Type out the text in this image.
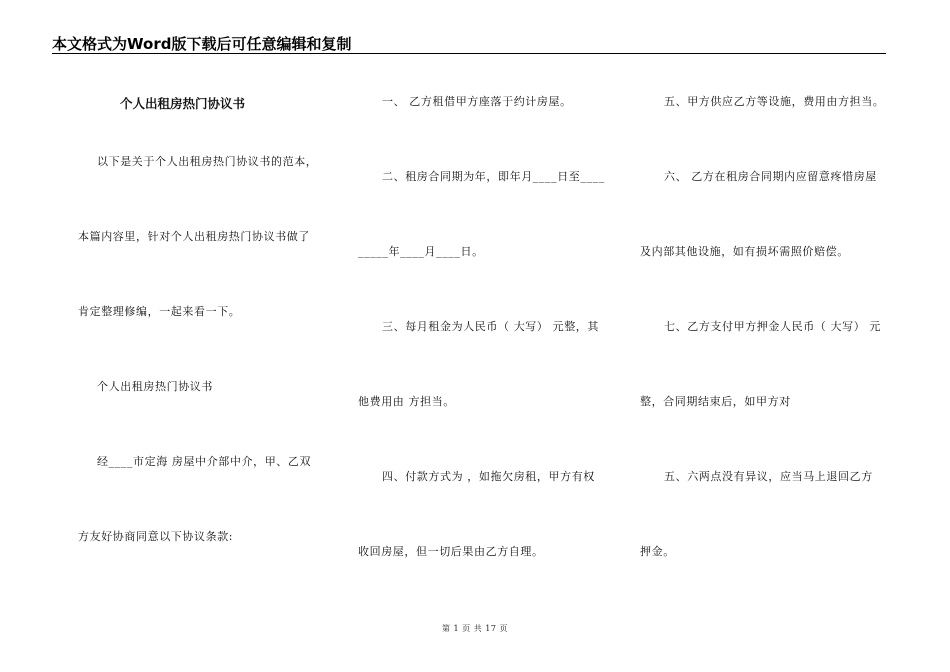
本文格式为Word版下载后可任意编辑和复制
个人出租房热门协议书
以下是关于个人出租房热门协议书的范本，
本篇内容里，针对个人出租房热门协议书做了
肯定整理修编，一起来看一下。
个人出租房热门协议书
经____市定海 房屋中介部中介，甲、乙双
方友好协商同意以下协议条款:
一、 乙方租借甲方座落于约计房屋。
二、租房合同期为年，即年月____日至____
_____年____月____日。
三、每月租金为人民币（ 大写） 元整，其
他费用由 方担当。
四、付款方式为 ，如拖欠房租，甲方有权
收回房屋，但一切后果由乙方自理。
五、甲方供应乙方等设施，费用由方担当。
六、 乙方在租房合同期内应留意疼惜房屋
及内部其他设施，如有损坏需照价赔偿。
七、乙方支付甲方押金人民币（ 大写） 元
整，合同期结束后，如甲方对
五、六两点没有异议，应当马上退回乙方
押金。
第 1 页 共 17 页
